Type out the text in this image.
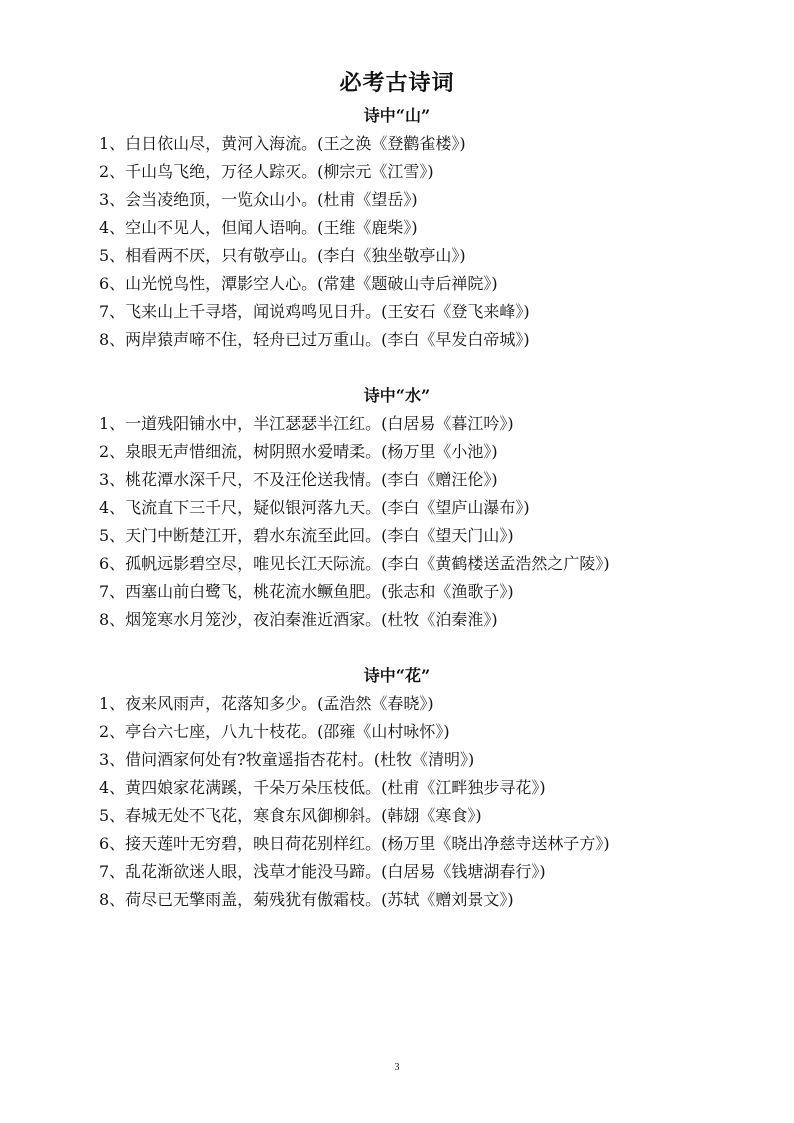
必考古诗词
诗中“山”
1、白日依山尽，黄河入海流。(王之涣《登鹳雀楼》)
2、千山鸟飞绝，万径人踪灭。(柳宗元《江雪》)
3、会当凌绝顶，一览众山小。(杜甫《望岳》)
4、空山不见人，但闻人语响。(王维《鹿柴》)
5、相看两不厌，只有敬亭山。(李白《独坐敬亭山》)
6、山光悦鸟性，潭影空人心。(常建《题破山寺后禅院》)
7、飞来山上千寻塔，闻说鸡鸣见日升。(王安石《登飞来峰》)
8、两岸猿声啼不住，轻舟已过万重山。(李白《早发白帝城》)
诗中“水”
1、一道残阳铺水中，半江瑟瑟半江红。(白居易《暮江吟》)
2、泉眼无声惜细流，树阴照水爱晴柔。(杨万里《小池》)
3、桃花潭水深千尺，不及汪伦送我情。(李白《赠汪伦》)
4、飞流直下三千尺，疑似银河落九天。(李白《望庐山瀑布》)
5、天门中断楚江开，碧水东流至此回。(李白《望天门山》)
6、孤帆远影碧空尽，唯见长江天际流。(李白《黄鹤楼送孟浩然之广陵》)
7、西塞山前白鹭飞，桃花流水鳜鱼肥。(张志和《渔歌子》)
8、烟笼寒水月笼沙，夜泊秦淮近酒家。(杜牧《泊秦淮》)
诗中“花”
1、夜来风雨声，花落知多少。(孟浩然《春晓》)
2、亭台六七座，八九十枝花。(邵雍《山村咏怀》)
3、借问酒家何处有?牧童遥指杏花村。(杜牧《清明》)
4、黄四娘家花满蹊，千朵万朵压枝低。(杜甫《江畔独步寻花》)
5、春城无处不飞花，寒食东风御柳斜。(韩翃《寒食》)
6、接天莲叶无穷碧，映日荷花别样红。(杨万里《晓出净慈寺送林子方》)
7、乱花渐欲迷人眼，浅草才能没马蹄。(白居易《钱塘湖春行》)
8、荷尽已无擎雨盖，菊残犹有傲霜枝。(苏轼《赠刘景文》)
3
